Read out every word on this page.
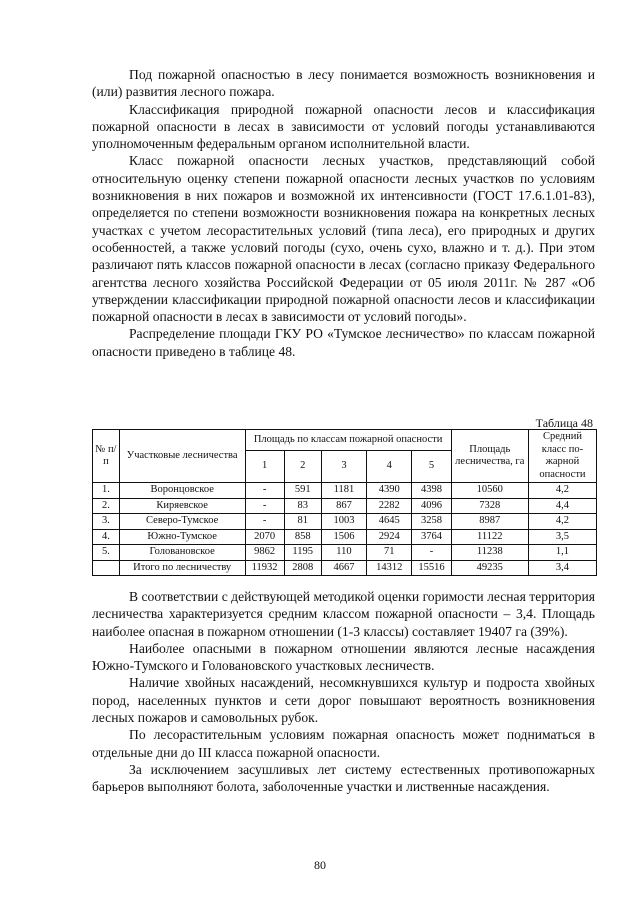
Под пожарной опасностью в лесу понимается возможность возникновения и (или) развития лесного пожара.

Классификация природной пожарной опасности лесов и классификация пожарной опасности в лесах в зависимости от условий погоды устанавливаются уполномоченным федеральным органом исполнительной власти.

Класс пожарной опасности лесных участков, представляющий собой относительную оценку степени пожарной опасности лесных участков по условиям возникновения в них пожаров и возможной их интенсивности (ГОСТ 17.6.1.01-83), определяется по степени возможности возникновения пожара на конкретных лесных участках с учетом лесорастительных условий (типа леса), его природных и других особенностей, а также условий погоды (сухо, очень сухо, влажно и т. д.). При этом различают пять классов пожарной опасности в лесах (согласно приказу Федерального агентства лесного хозяйства Российской Федерации от 05 июля 2011г. № 287 «Об утверждении классификации природной пожарной опасности лесов и классификации пожарной опасности в лесах в зависимости от условий погоды».

Распределение площади ГКУ РО «Тумское лесничество» по классам пожарной опасности приведено в таблице 48.

Таблица 48
№ п/п	Участковые лесничества	Площадь по классам пожарной опасности					Площадь лесничества, га	Средний класс по-жарной опасности
		1	2	3	4	5		
1.	Воронцовское	-	591	1181	4390	4398	10560	4,2
2.	Киряевское	-	83	867	2282	4096	7328	4,4
3.	Северо-Тумское	-	81	1003	4645	3258	8987	4,2
4.	Южно-Тумское	2070	858	1506	2924	3764	11122	3,5
5.	Головановское	9862	1195	110	71	-	11238	1,1
	Итого по лесничеству	11932	2808	4667	14312	15516	49235	3,4

В соответствии с действующей методикой оценки горимости лесная территория лесничества характеризуется средним классом пожарной опасности – 3,4. Площадь наиболее опасная в пожарном отношении (1-3 классы) составляет 19407 га (39%).

Наиболее опасными в пожарном отношении являются лесные насаждения Южно-Тумского и Голованoвского участковых лесничеств.

Наличие хвойных насаждений, несомкнувшихся культур и подроста хвойных пород, населенных пунктов и сети дорог повышают вероятность возникновения лесных пожаров и самовольных рубок.

По лесорастительным условиям пожарная опасность может подниматься в отдельные дни до III класса пожарной опасности.

За исключением засушливых лет систему естественных противопожарных барьеров выполняют болота, заболоченные участки и лиственные насаждения.

80
